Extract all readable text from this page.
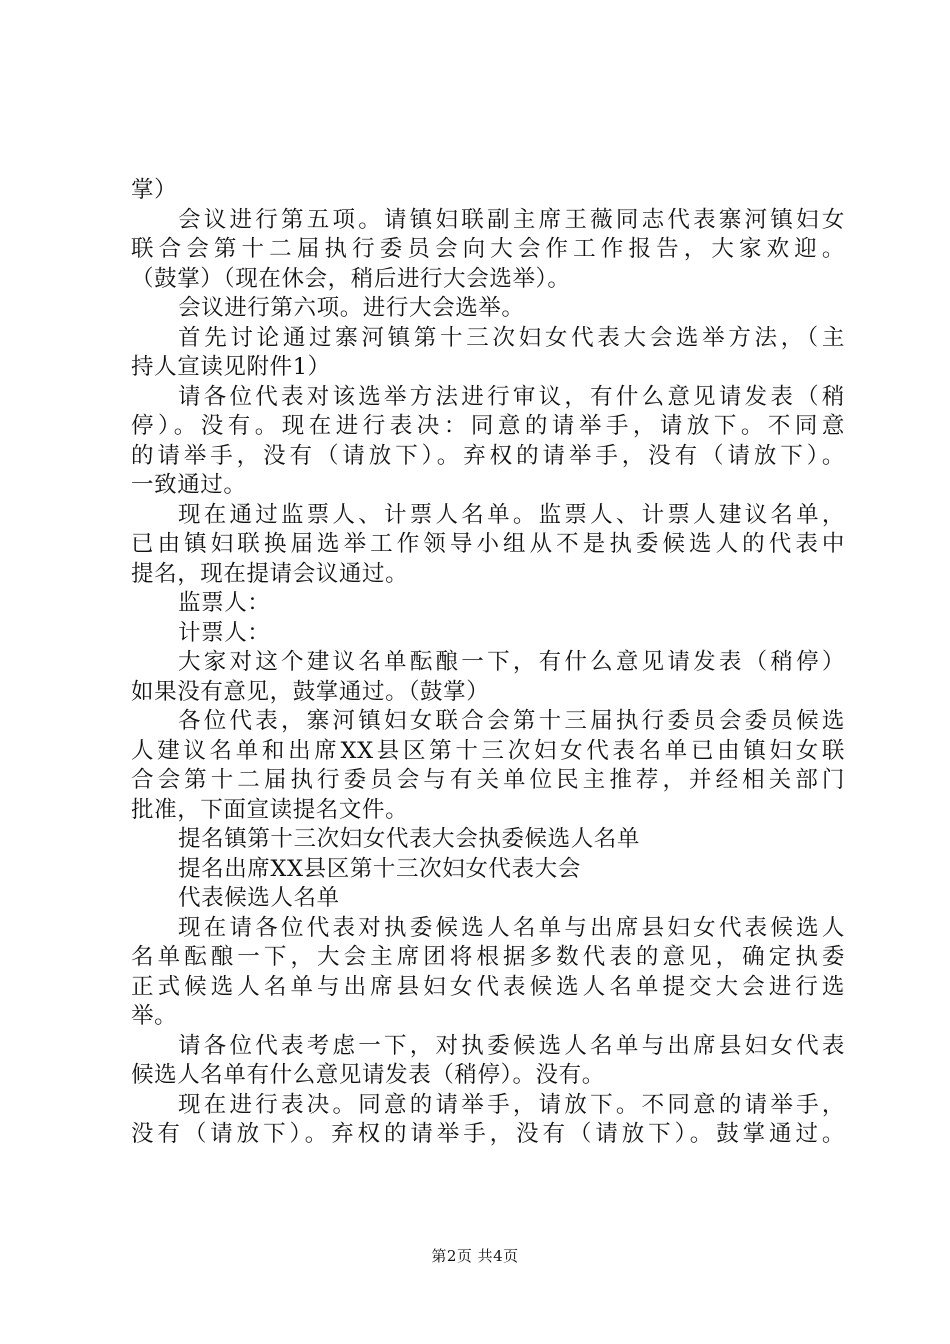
掌）
会议进行第五项。请镇妇联副主席王薇同志代表寨河镇妇女
联合会第十二届执行委员会向大会作工作报告，大家欢迎。
（鼓掌）（现在休会，稍后进行大会选举）。
会议进行第六项。进行大会选举。
首先讨论通过寨河镇第十三次妇女代表大会选举方法，（主
持人宣读见附件1）
请各位代表对该选举方法进行审议，有什么意见请发表（稍
停）。没有。现在进行表决：同意的请举手，请放下。不同意
的请举手，没有（请放下）。弃权的请举手，没有（请放下）。
一致通过。
现在通过监票人、计票人名单。监票人、计票人建议名单，
已由镇妇联换届选举工作领导小组从不是执委候选人的代表中
提名，现在提请会议通过。
监票人：
计票人：
大家对这个建议名单酝酿一下，有什么意见请发表（稍停）
如果没有意见，鼓掌通过。（鼓掌）
各位代表，寨河镇妇女联合会第十三届执行委员会委员候选
人建议名单和出席XX县区第十三次妇女代表名单已由镇妇女联
合会第十二届执行委员会与有关单位民主推荐，并经相关部门
批准，下面宣读提名文件。
提名镇第十三次妇女代表大会执委候选人名单
提名出席XX县区第十三次妇女代表大会
代表候选人名单
现在请各位代表对执委候选人名单与出席县妇女代表候选人
名单酝酿一下，大会主席团将根据多数代表的意见，确定执委
正式候选人名单与出席县妇女代表候选人名单提交大会进行选
举。
请各位代表考虑一下，对执委候选人名单与出席县妇女代表
候选人名单有什么意见请发表（稍停）。没有。
现在进行表决。同意的请举手，请放下。不同意的请举手，
没有（请放下）。弃权的请举手，没有（请放下）。鼓掌通过。
第2页 共4页
